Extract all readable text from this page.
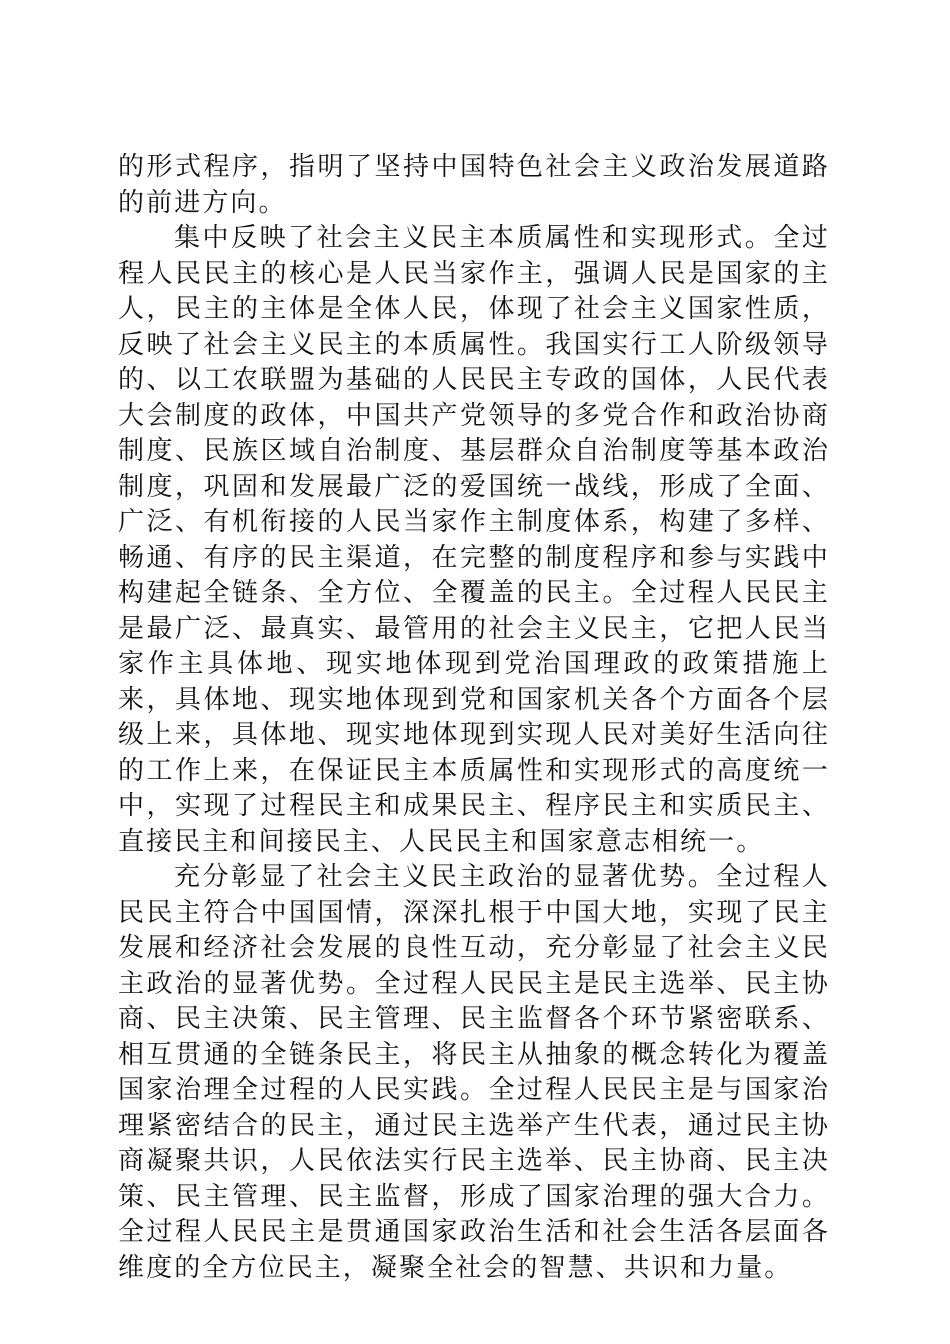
的形式程序，指明了坚持中国特色社会主义政治发展道路的前进方向。

集中反映了社会主义民主本质属性和实现形式。全过程人民民主的核心是人民当家作主，强调人民是国家的主人，民主的主体是全体人民，体现了社会主义国家性质，反映了社会主义民主的本质属性。我国实行工人阶级领导的、以工农联盟为基础的人民民主专政的国体，人民代表大会制度的政体，中国共产党领导的多党合作和政治协商制度、民族区域自治制度、基层群众自治制度等基本政治制度，巩固和发展最广泛的爱国统一战线，形成了全面、广泛、有机衔接的人民当家作主制度体系，构建了多样、畅通、有序的民主渠道，在完整的制度程序和参与实践中构建起全链条、全方位、全覆盖的民主。全过程人民民主是最广泛、最真实、最管用的社会主义民主，它把人民当家作主具体地、现实地体现到党治国理政的政策措施上来，具体地、现实地体现到党和国家机关各个方面各个层级上来，具体地、现实地体现到实现人民对美好生活向往的工作上来，在保证民主本质属性和实现形式的高度统一中，实现了过程民主和成果民主、程序民主和实质民主、直接民主和间接民主、人民民主和国家意志相统一。

充分彰显了社会主义民主政治的显著优势。全过程人民民主符合中国国情，深深扎根于中国大地，实现了民主发展和经济社会发展的良性互动，充分彰显了社会主义民主政治的显著优势。全过程人民民主是民主选举、民主协商、民主决策、民主管理、民主监督各个环节紧密联系、相互贯通的全链条民主，将民主从抽象的概念转化为覆盖国家治理全过程的人民实践。全过程人民民主是与国家治理紧密结合的民主，通过民主选举产生代表，通过民主协商凝聚共识，人民依法实行民主选举、民主协商、民主决策、民主管理、民主监督，形成了国家治理的强大合力。全过程人民民主是贯通国家政治生活和社会生活各层面各维度的全方位民主，凝聚全社会的智慧、共识和力量。
